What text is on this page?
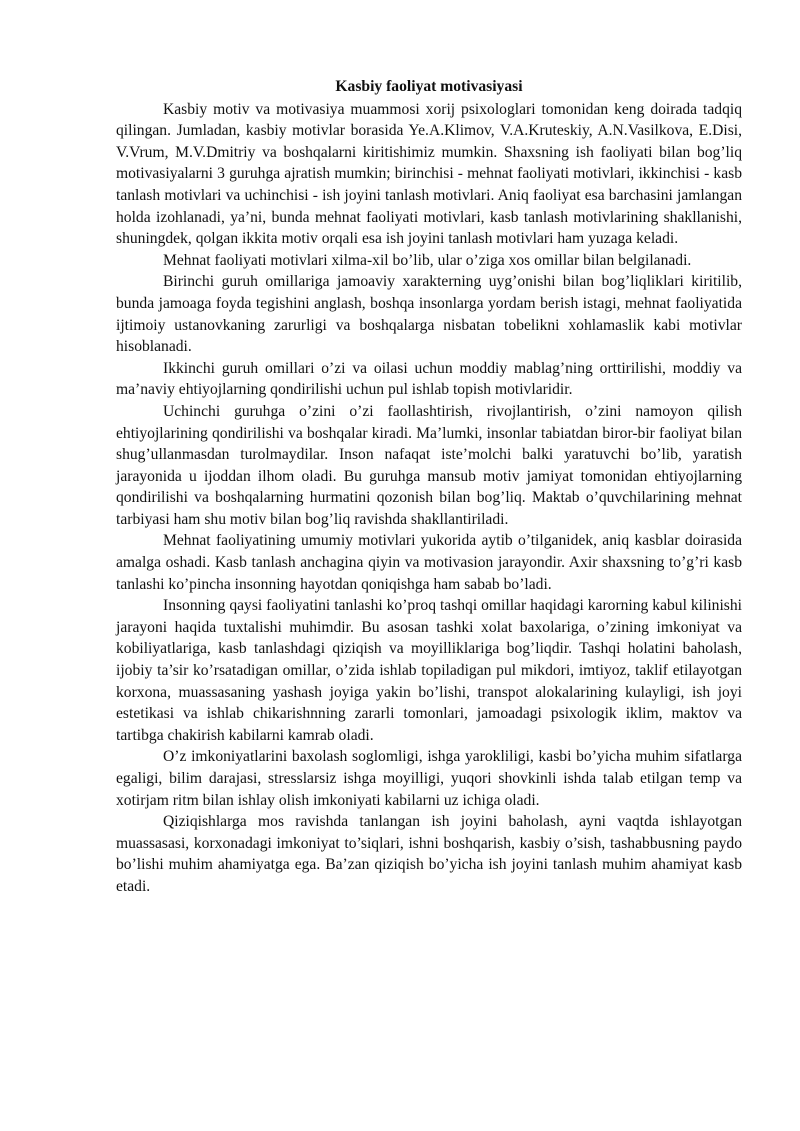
Kasbiy faoliyat motivasiyasi

Kasbiy motiv va motivasiya muammosi xorij psixologlari tomonidan keng doirada tadqiq qilingan. Jumladan, kasbiy motivlar borasida Ye.A.Klimov, V.A.Kruteskiy, A.N.Vasilkova, E.Disi, V.Vrum, M.V.Dmitriy va boshqalarni kiritishimiz mumkin. Shaxsning ish faoliyati bilan bog’liq motivasiyalarni 3 guruhga ajratish mumkin; birinchisi - mehnat faoliyati motivlari, ikkinchisi - kasb tanlash motivlari va uchinchisi - ish joyini tanlash motivlari. Aniq faoliyat esa barchasini jamlangan holda izohlanadi, ya’ni, bunda mehnat faoliyati motivlari, kasb tanlash motivlarining shakllanishi, shuningdek, qolgan ikkita motiv orqali esa ish joyini tanlash motivlari ham yuzaga keladi.

Mehnat faoliyati motivlari xilma-xil bo’lib, ular o’ziga xos omillar bilan belgilanadi.

Birinchi guruh omillariga jamoaviy xarakterning uyg’onishi bilan bog’liqliklari kiritilib, bunda jamoaga foyda tegishini anglash, boshqa insonlarga yordam berish istagi, mehnat faoliyatida ijtimoiy ustanovkaning zarurligi va boshqalarga nisbatan tobelikni xohlamaslik kabi motivlar hisoblanadi.

Ikkinchi guruh omillari o’zi va oilasi uchun moddiy mablag’ning orttirilishi, moddiy va ma’naviy ehtiyojlarning qondirilishi uchun pul ishlab topish motivlaridir.

Uchinchi guruhga o’zini o’zi faollashtirish, rivojlantirish, o’zini namoyon qilish ehtiyojlarining qondirilishi va boshqalar kiradi. Ma’lumki, insonlar tabiatdan biror-bir faoliyat bilan shug’ullanmasdan turolmaydilar. Inson nafaqat iste’molchi balki yaratuvchi bo’lib, yaratish jarayonida u ijoddan ilhom oladi. Bu guruhga mansub motiv jamiyat tomonidan ehtiyojlarning qondirilishi va boshqalarning hurmatini qozonish bilan bog’liq. Maktab o’quvchilarining mehnat tarbiyasi ham shu motiv bilan bog’liq ravishda shakllantiriladi.

Mehnat faoliyatining umumiy motivlari yukorida aytib o’tilganidek, aniq kasblar doirasida amalga oshadi. Kasb tanlash anchagina qiyin va motivasion jarayondir. Axir shaxsning to’g’ri kasb tanlashi ko’pincha insonning hayotdan qoniqishga ham sabab bo’ladi.

Insonning qaysi faoliyatini tanlashi ko’proq tashqi omillar haqidagi karorning kabul kilinishi jarayoni haqida tuxtalishi muhimdir. Bu asosan tashki xolat baxolariga, o’zining imkoniyat va kobiliyatlariga, kasb tanlashdagi qiziqish va moyilliklariga bog’liqdir. Tashqi holatini baholash, ijobiy ta’sir ko’rsatadigan omillar, o’zida ishlab topiladigan pul mikdori, imtiyoz, taklif etilayotgan korxona, muassasaning yashash joyiga yakin bo’lishi, transpot alokalarining kulayligi, ish joyi estetikasi va ishlab chikarishnning zararli tomonlari, jamoadagi psixologik iklim, maktov va tartibga chakirish kabilarni kamrab oladi.

O’z imkoniyatlarini baxolash soglomligi, ishga yarokliligi, kasbi bo’yicha muhim sifatlarga egaligi, bilim darajasi, stresslarsiz ishga moyilligi, yuqori shovkinli ishda talab etilgan temp va xotirjam ritm bilan ishlay olish imkoniyati kabilarni uz ichiga oladi.

Qiziqishlarga mos ravishda tanlangan ish joyini baholash, ayni vaqtda ishlayotgan muassasasi, korxonadagi imkoniyat to’siqlari, ishni boshqarish, kasbiy o’sish, tashabbusning paydo bo’lishi muhim ahamiyatga ega. Ba’zan qiziqish bo’yicha ish joyini tanlash muhim ahamiyat kasb etadi.
